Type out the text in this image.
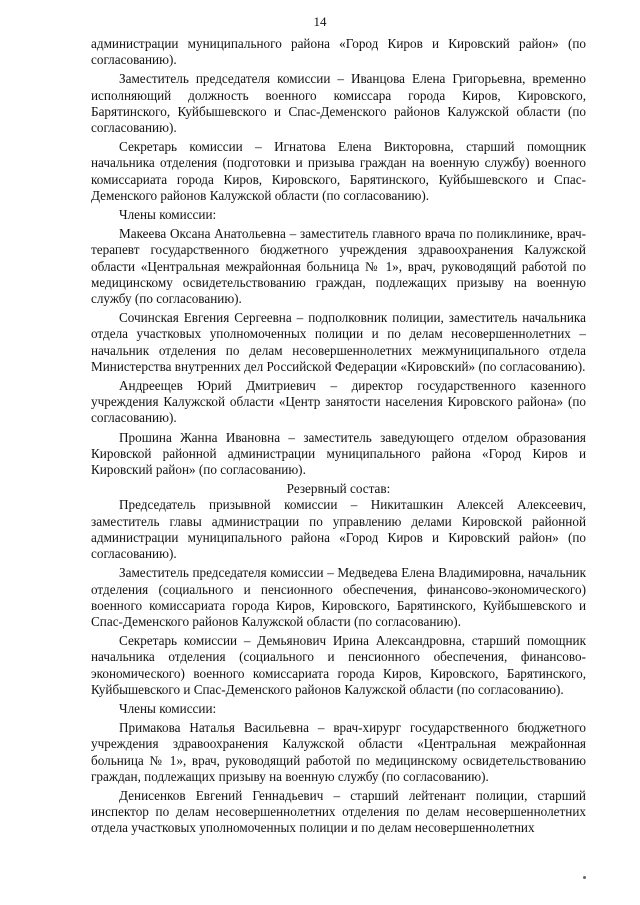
14

администрации муниципального района «Город Киров и Кировский район» (по согласованию).

Заместитель председателя комиссии – Иванцова Елена Григорьевна, временно исполняющий должность военного комиссара города Киров, Кировского, Барятинского, Куйбышевского и Спас-Деменского районов Калужской области (по согласованию).

Секретарь комиссии – Игнатова Елена Викторовна, старший помощник начальника отделения (подготовки и призыва граждан на военную службу) военного комиссариата города Киров, Кировского, Барятинского, Куйбышевского и Спас-Деменского районов Калужской области (по согласованию).

Члены комиссии:

Макеева Оксана Анатольевна – заместитель главного врача по поликлинике, врач-терапевт государственного бюджетного учреждения здравоохранения Калужской области «Центральная межрайонная больница № 1», врач, руководящий работой по медицинскому освидетельствованию граждан, подлежащих призыву на военную службу (по согласованию).

Сочинская Евгения Сергеевна – подполковник полиции, заместитель начальника отдела участковых уполномоченных полиции и по делам несовершеннолетних – начальник отделения по делам несовершеннолетних межмуниципального отдела Министерства внутренних дел Российской Федерации «Кировский» (по согласованию).

Андреещев Юрий Дмитриевич – директор государственного казенного учреждения Калужской области «Центр занятости населения Кировского района» (по согласованию).

Прошина Жанна Ивановна – заместитель заведующего отделом образования Кировской районной администрации муниципального района «Город Киров и Кировский район» (по согласованию).

Резервный состав:

Председатель призывной комиссии – Никиташкин Алексей Алексеевич, заместитель главы администрации по управлению делами Кировской районной администрации муниципального района «Город Киров и Кировский район» (по согласованию).

Заместитель председателя комиссии – Медведева Елена Владимировна, начальник отделения (социального и пенсионного обеспечения, финансово-экономического) военного комиссариата города Киров, Кировского, Барятинского, Куйбышевского и Спас-Деменского районов Калужской области (по согласованию).

Секретарь комиссии – Демьянович Ирина Александровна, старший помощник начальника отделения (социального и пенсионного обеспечения, финансово-экономического) военного комиссариата города Киров, Кировского, Барятинского, Куйбышевского и Спас-Деменского районов Калужской области (по согласованию).

Члены комиссии:

Примакова Наталья Васильевна – врач-хирург государственного бюджетного учреждения здравоохранения Калужской области «Центральная межрайонная больница № 1», врач, руководящий работой по медицинскому освидетельствованию граждан, подлежащих призыву на военную службу (по согласованию).

Денисенков Евгений Геннадьевич – старший лейтенант полиции, старший инспектор по делам несовершеннолетних отделения по делам несовершеннолетних отдела участковых уполномоченных полиции и по делам несовершеннолетних
